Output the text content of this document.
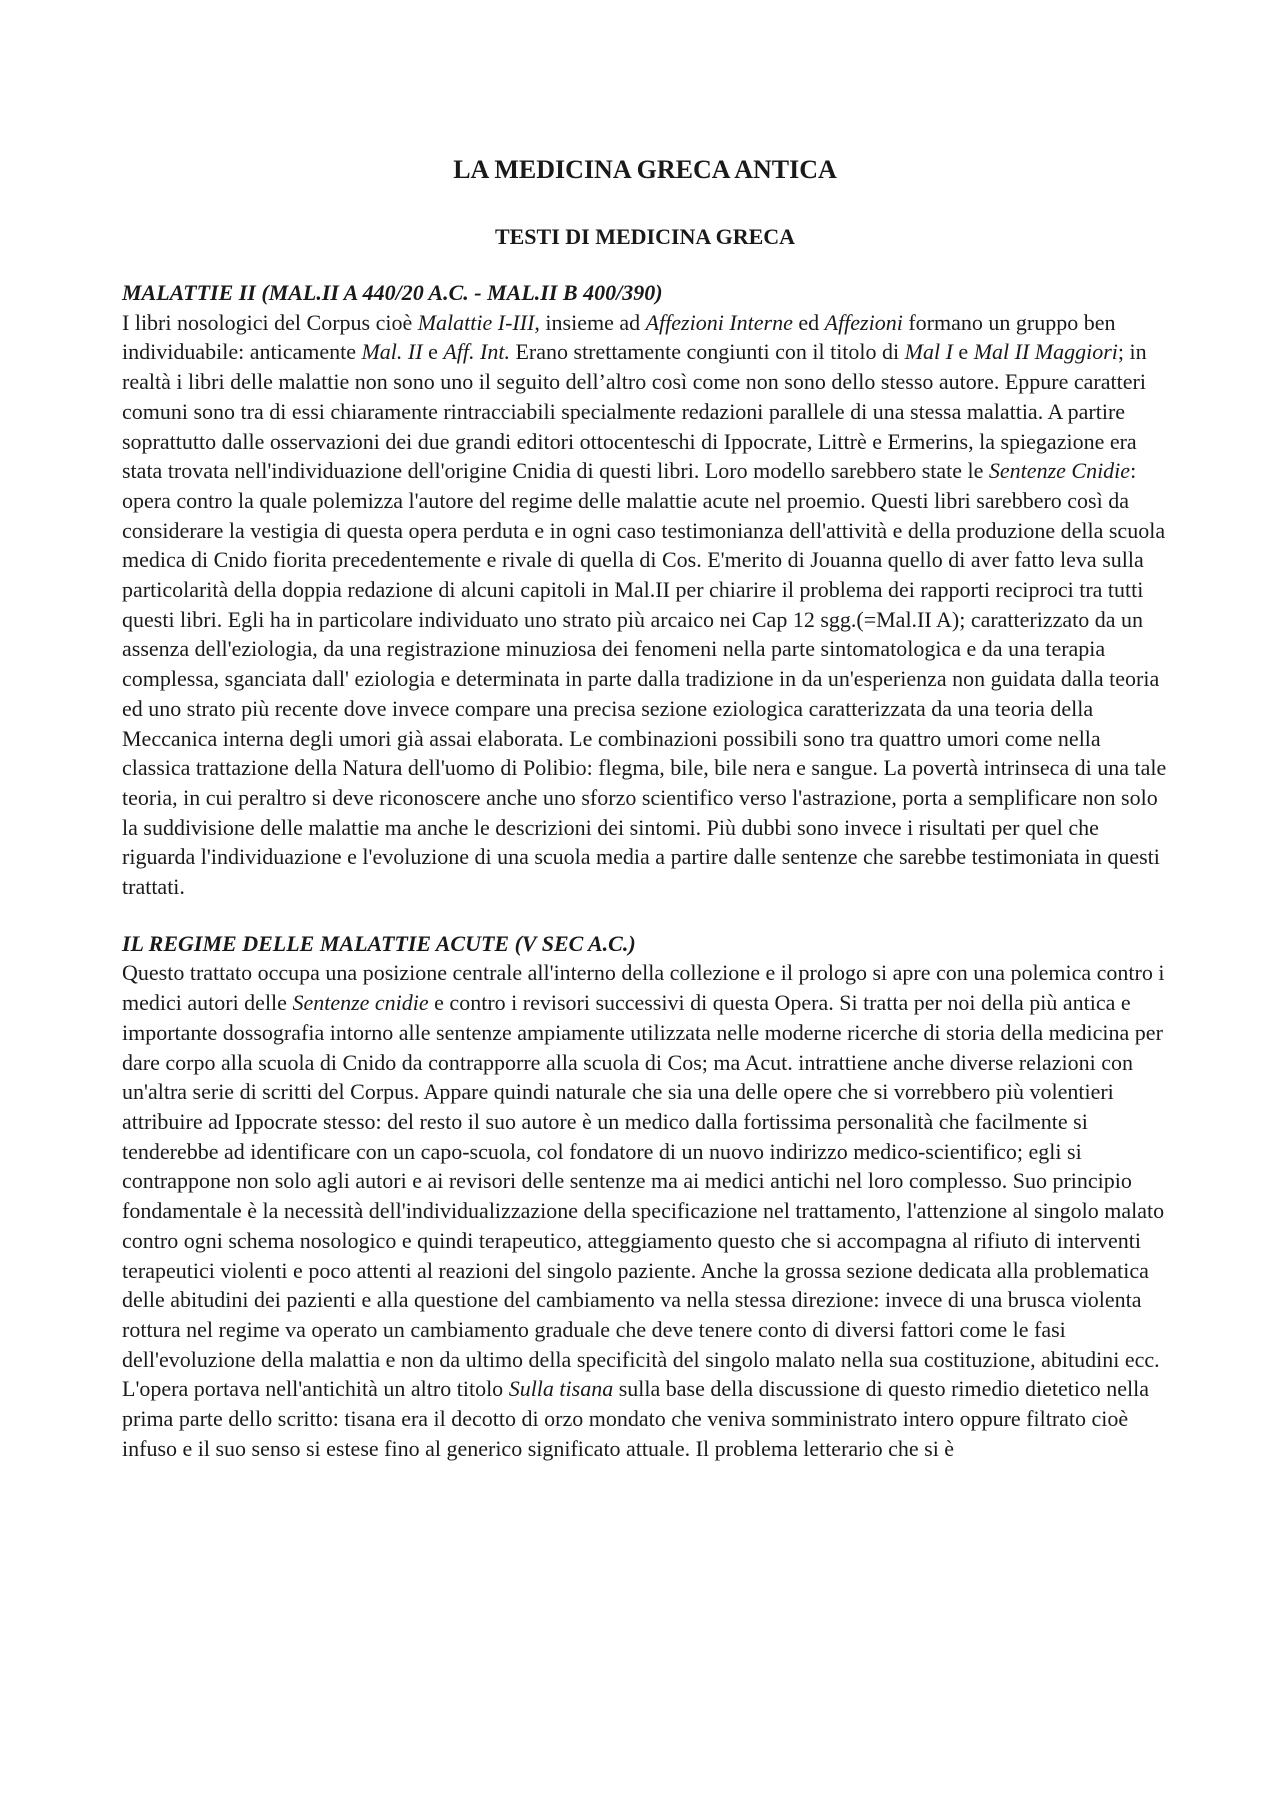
LA MEDICINA GRECA ANTICA
TESTI DI MEDICINA GRECA
MALATTIE II (MAL.II A 440/20 A.C. - MAL.II B 400/390)

I libri nosologici del Corpus cioè Malattie I-III, insieme ad Affezioni Interne ed Affezioni formano un gruppo ben individuabile: anticamente Mal. II e Aff. Int. Erano strettamente congiunti con il titolo di Mal I e Mal II Maggiori; in realtà i libri delle malattie non sono uno il seguito dell’altro così come non sono dello stesso autore. Eppure caratteri comuni sono tra di essi chiaramente rintracciabili specialmente redazioni parallele di una stessa malattia. A partire soprattutto dalle osservazioni dei due grandi editori ottocenteschi di Ippocrate, Littrè e Ermerins, la spiegazione era stata trovata nell'individuazione dell'origine Cnidia di questi libri. Loro modello sarebbero state le Sentenze Cnidie: opera contro la quale polemizza l'autore del regime delle malattie acute nel proemio. Questi libri sarebbero così da considerare la vestigia di questa opera perduta e in ogni caso testimonianza dell'attività e della produzione della scuola medica di Cnido fiorita precedentemente e rivale di quella di Cos. E'merito di Jouanna quello di aver fatto leva sulla particolarità della doppia redazione di alcuni capitoli in Mal.II per chiarire il problema dei rapporti reciproci tra tutti questi libri. Egli ha in particolare individuato uno strato più arcaico nei Cap 12 sgg.(=Mal.II A); caratterizzato da un assenza dell'eziologia, da una registrazione minuziosa dei fenomeni nella parte sintomatologica e da una terapia complessa, sganciata dall' eziologia e determinata in parte dalla tradizione in da un'esperienza non guidata dalla teoria ed uno strato più recente dove invece compare una precisa sezione eziologica caratterizzata da una teoria della Meccanica interna degli umori già assai elaborata. Le combinazioni possibili sono tra quattro umori come nella classica trattazione della Natura dell'uomo di Polibio: flegma, bile, bile nera e sangue. La povertà intrinseca di una tale teoria, in cui peraltro si deve riconoscere anche uno sforzo scientifico verso l'astrazione, porta a semplificare non solo la suddivisione delle malattie ma anche le descrizioni dei sintomi. Più dubbi sono invece i risultati per quel che riguarda l'individuazione e l'evoluzione di una scuola media a partire dalle sentenze che sarebbe testimoniata in questi trattati.

IL REGIME DELLE MALATTIE ACUTE (V SEC A.C.)

Questo trattato occupa una posizione centrale all'interno della collezione e il prologo si apre con una polemica contro i medici autori delle Sentenze cnidie e contro i revisori successivi di questa Opera. Si tratta per noi della più antica e importante dossografia intorno alle sentenze ampiamente utilizzata nelle moderne ricerche di storia della medicina per dare corpo alla scuola di Cnido da contrapporre alla scuola di Cos; ma Acut. intrattiene anche diverse relazioni con un'altra serie di scritti del Corpus. Appare quindi naturale che sia una delle opere che si vorrebbero più volentieri attribuire ad Ippocrate stesso: del resto il suo autore è un medico dalla fortissima personalità che facilmente si tenderebbe ad identificare con un capo-scuola, col fondatore di un nuovo indirizzo medico-scientifico; egli si contrappone non solo agli autori e ai revisori delle sentenze ma ai medici antichi nel loro complesso. Suo principio fondamentale è la necessità dell'individualizzazione della specificazione nel trattamento, l'attenzione al singolo malato contro ogni schema nosologico e quindi terapeutico, atteggiamento questo che si accompagna al rifiuto di interventi terapeutici violenti e poco attenti al reazioni del singolo paziente. Anche la grossa sezione dedicata alla problematica delle abitudini dei pazienti e alla questione del cambiamento va nella stessa direzione: invece di una brusca violenta rottura nel regime va operato un cambiamento graduale che deve tenere conto di diversi fattori come le fasi dell'evoluzione della malattia e non da ultimo della specificità del singolo malato nella sua costituzione, abitudini ecc. L'opera portava nell'antichità un altro titolo Sulla tisana sulla base della discussione di questo rimedio dietetico nella prima parte dello scritto: tisana era il decotto di orzo mondato che veniva somministrato intero oppure filtrato cioè infuso e il suo senso si estese fino al generico significato attuale. Il problema letterario che si è
